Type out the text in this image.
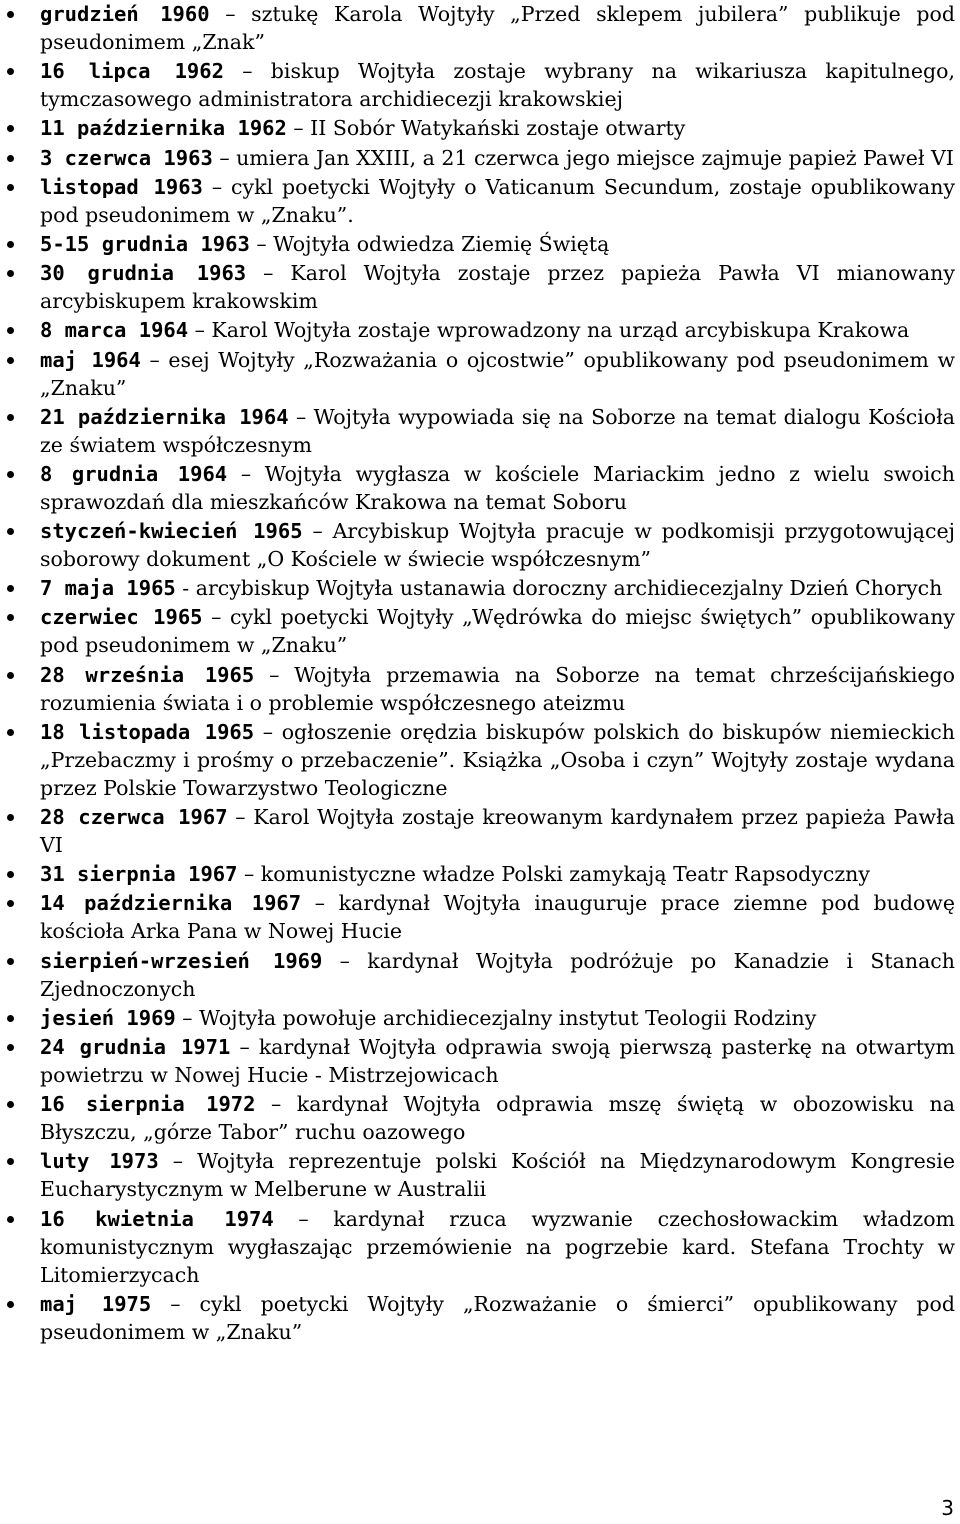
grudzień 1960 – sztukę Karola Wojtyły „Przed sklepem jubilera” publikuje pod pseudonimem „Znak”
16 lipca 1962 – biskup Wojtyła zostaje wybrany na wikariusza kapitulnego, tymczasowego administratora archidiecezji krakowskiej
11 października 1962 – II Sobór Watykański zostaje otwarty
3 czerwca 1963 – umiera Jan XXIII, a 21 czerwca jego miejsce zajmuje papież Paweł VI
listopad 1963 – cykl poetycki Wojtyły o Vaticanum Secundum, zostaje opublikowany pod pseudonimem w „Znaku”.
5-15 grudnia 1963 – Wojtyła odwiedza Ziemię Świętą
30 grudnia 1963 – Karol Wojtyła zostaje przez papieża Pawła VI mianowany arcybiskupem krakowskim
8 marca 1964 – Karol Wojtyła zostaje wprowadzony na urząd arcybiskupa Krakowa
maj 1964 – esej Wojtyły „Rozważania o ojcostwie” opublikowany pod pseudonimem w „Znaku”
21 października 1964 – Wojtyła wypowiada się na Soborze na temat dialogu Kościoła ze światem współczesnym
8 grudnia 1964 – Wojtyła wygłasza w kościele Mariackim jedno z wielu swoich sprawozdań dla mieszkańców Krakowa na temat Soboru
styczeń-kwiecień 1965 – Arcybiskup Wojtyła pracuje w podkomisji przygotowującej soborowy dokument „O Kościele w świecie współczesnym”
7 maja 1965 - arcybiskup Wojtyła ustanawia doroczny archidiecezjalny Dzień Chorych
czerwiec 1965 – cykl poetycki Wojtyły „Wędrówka do miejsc świętych” opublikowany pod pseudonimem w „Znaku”
28 września 1965 – Wojtyła przemawia na Soborze na temat chrześcijańskiego rozumienia świata i o problemie współczesnego ateizmu
18 listopada 1965 – ogłoszenie orędzia biskupów polskich do biskupów niemieckich „Przebaczmy i prośmy o przebaczenie”. Książka „Osoba i czyn” Wojtyły zostaje wydana przez Polskie Towarzystwo Teologiczne
28 czerwca 1967 – Karol Wojtyła zostaje kreowanym kardynałem przez papieża Pawła VI
31 sierpnia 1967 – komunistyczne władze Polski zamykają Teatr Rapsodyczny
14 października 1967 – kardynał Wojtyła inauguruje prace ziemne pod budowę kościoła Arka Pana w Nowej Hucie
sierpień-wrzesień 1969 – kardynał Wojtyła podróżuje po Kanadzie i Stanach Zjednoczonych
jesień 1969 – Wojtyła powołuje archidiecezjalny instytut Teologii Rodziny
24 grudnia 1971 – kardynał Wojtyła odprawia swoją pierwszą pasterkę na otwartym powietrzu w Nowej Hucie - Mistrzejowicach
16 sierpnia 1972 – kardynał Wojtyła odprawia mszę świętą w obozowisku na Błyszczu, „górze Tabor” ruchu oazowego
luty 1973 – Wojtyła reprezentuje polski Kościół na Międzynarodowym Kongresie Eucharystycznym w Melberune w Australii
16 kwietnia 1974 – kardynał rzuca wyzwanie czechosłowackim władzom komunistycznym wygłaszając przemówienie na pogrzebie kard. Stefana Trochty w Litomierzycach
maj 1975 – cykl poetycki Wojtyły „Rozważanie o śmierci” opublikowany pod pseudonimem w „Znaku”
3
